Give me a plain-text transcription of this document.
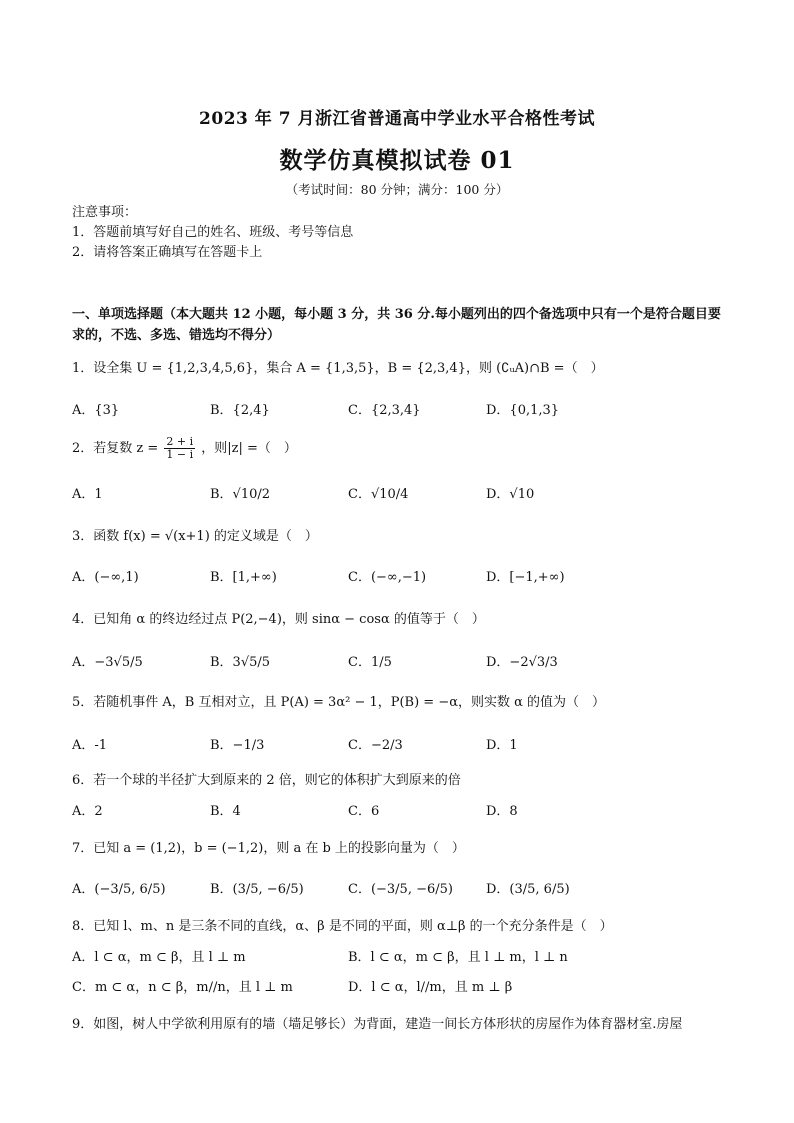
2023 年 7 月浙江省普通高中学业水平合格性考试
数学仿真模拟试卷 01
（考试时间：80 分钟；满分：100 分）
注意事项：
1．答题前填写好自己的姓名、班级、考号等信息
2．请将答案正确填写在答题卡上
一、单项选择题（本大题共 12 小题，每小题 3 分，共 36 分.每小题列出的四个备选项中只有一个是符合题目要求的，不选、多选、错选均不得分）
1．设全集 U = {1,2,3,4,5,6}，集合 A = {1,3,5}，B = {2,3,4}，则 (∁ᵤA)∩B =（　）
A．{3}	B．{2,4}	C．{2,3,4}	D．{0,1,3}
2．若复数 $z = \frac{2 + i}{1 - i}$ ，则|z| =（　）
A．1	B．√10/2	C．√10/4	D．√10
3．函数 f(x) = √(x+1) 的定义域是（　）
A．(−∞,1)	B．[1,+∞)	C．(−∞,−1)	D．[−1,+∞)
4．已知角 α 的终边经过点 P(2,−4)，则 sinα − cosα 的值等于（　）
A．−3√5/5	B．3√5/5	C．1/5	D．−2√3/3
5．若随机事件 A，B 互相对立，且 P(A) = 3α² − 1，P(B) = −α，则实数 α 的值为（　）
A．-1	B．−1/3	C．−2/3	D．1
6．若一个球的半径扩大到原来的 2 倍，则它的体积扩大到原来的倍
A．2	B．4	C．6	D．8
7．已知 a = (1,2)，b = (−1,2)，则 a 在 b 上的投影向量为（　）
A．(−3/5, 6/5)	B．(3/5, −6/5)	C．(−3/5, −6/5)	D．(3/5, 6/5)
8．已知 l、m、n 是三条不同的直线，α、β 是不同的平面，则 α⊥β 的一个充分条件是（　）
A．l ⊂ α，m ⊂ β，且 l ⊥ m	B．l ⊂ α，m ⊂ β，且 l ⊥ m，l ⊥ n
C．m ⊂ α，n ⊂ β，m//n，且 l ⊥ m	D．l ⊂ α，l//m，且 m ⊥ β
9．如图，树人中学欲利用原有的墙（墙足够长）为背面，建造一间长方体形状的房屋作为体育器材室.房屋
